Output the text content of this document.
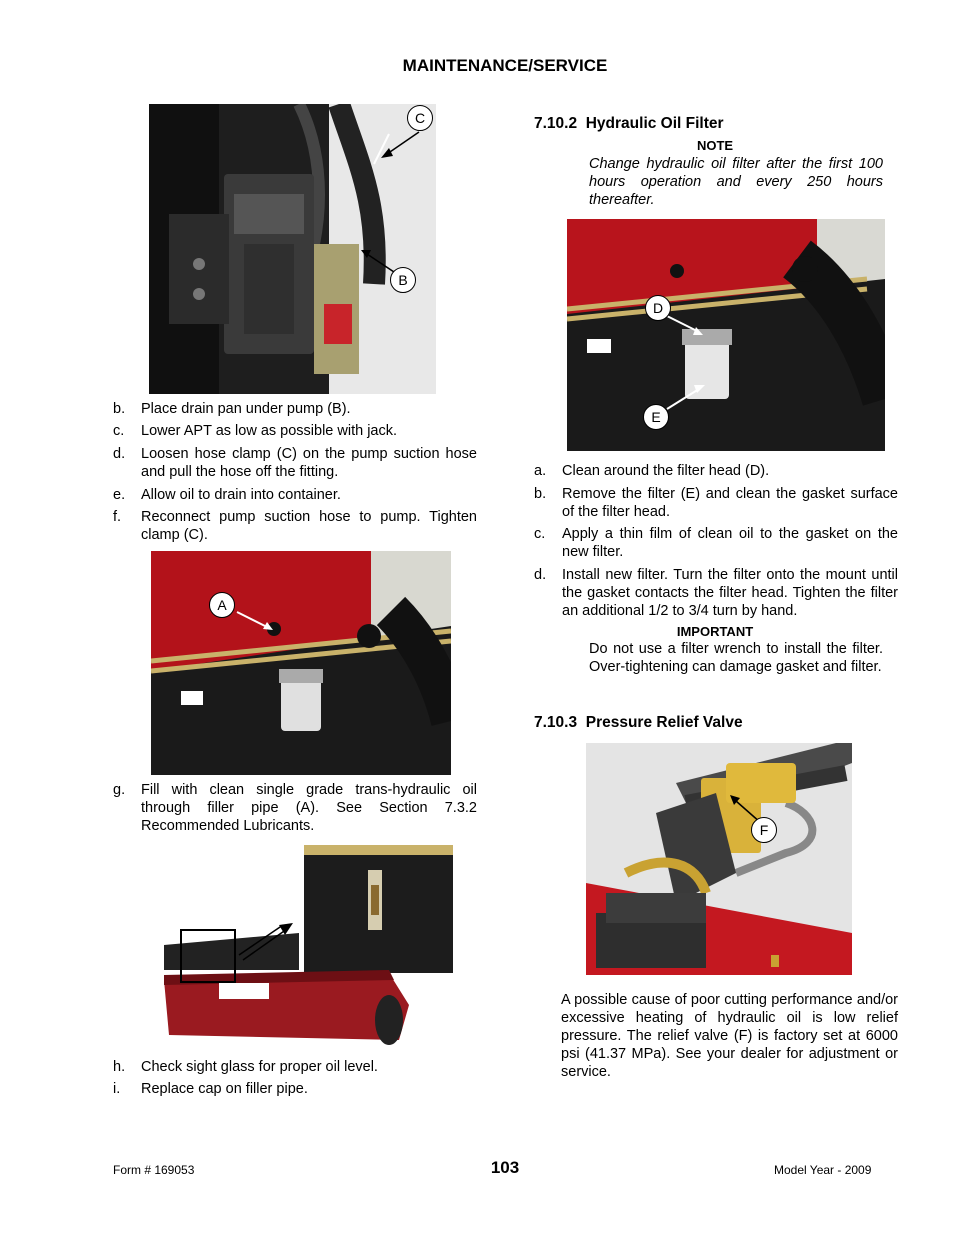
MAINTENANCE/SERVICE
C
B
b. Place drain pan under pump (B).
c. Lower APT as low as possible with jack.
d. Loosen hose clamp (C) on the pump suction hose and pull the hose off the fitting.
e. Allow oil to drain into container.
f. Reconnect pump suction hose to pump. Tighten clamp (C).
A
g. Fill with clean single grade trans-hydraulic oil through filler pipe (A). See Section 7.3.2 Recommended Lubricants.
h. Check sight glass for proper oil level.
i. Replace cap on filler pipe.
7.10.2 Hydraulic Oil Filter
NOTE
Change hydraulic oil filter after the first 100 hours operation and every 250 hours thereafter.
D
E
a. Clean around the filter head (D).
b. Remove the filter (E) and clean the gasket surface of the filter head.
c. Apply a thin film of clean oil to the gasket on the new filter.
d. Install new filter. Turn the filter onto the mount until the gasket contacts the filter head. Tighten the filter an additional 1/2 to 3/4 turn by hand.
IMPORTANT
Do not use a filter wrench to install the filter. Over-tightening can damage gasket and filter.
7.10.3 Pressure Relief Valve
F
A possible cause of poor cutting performance and/or excessive heating of hydraulic oil is low relief pressure. The relief valve (F) is factory set at 6000 psi (41.37 MPa). See your dealer for adjustment or service.
Form # 169053	103	Model Year - 2009
